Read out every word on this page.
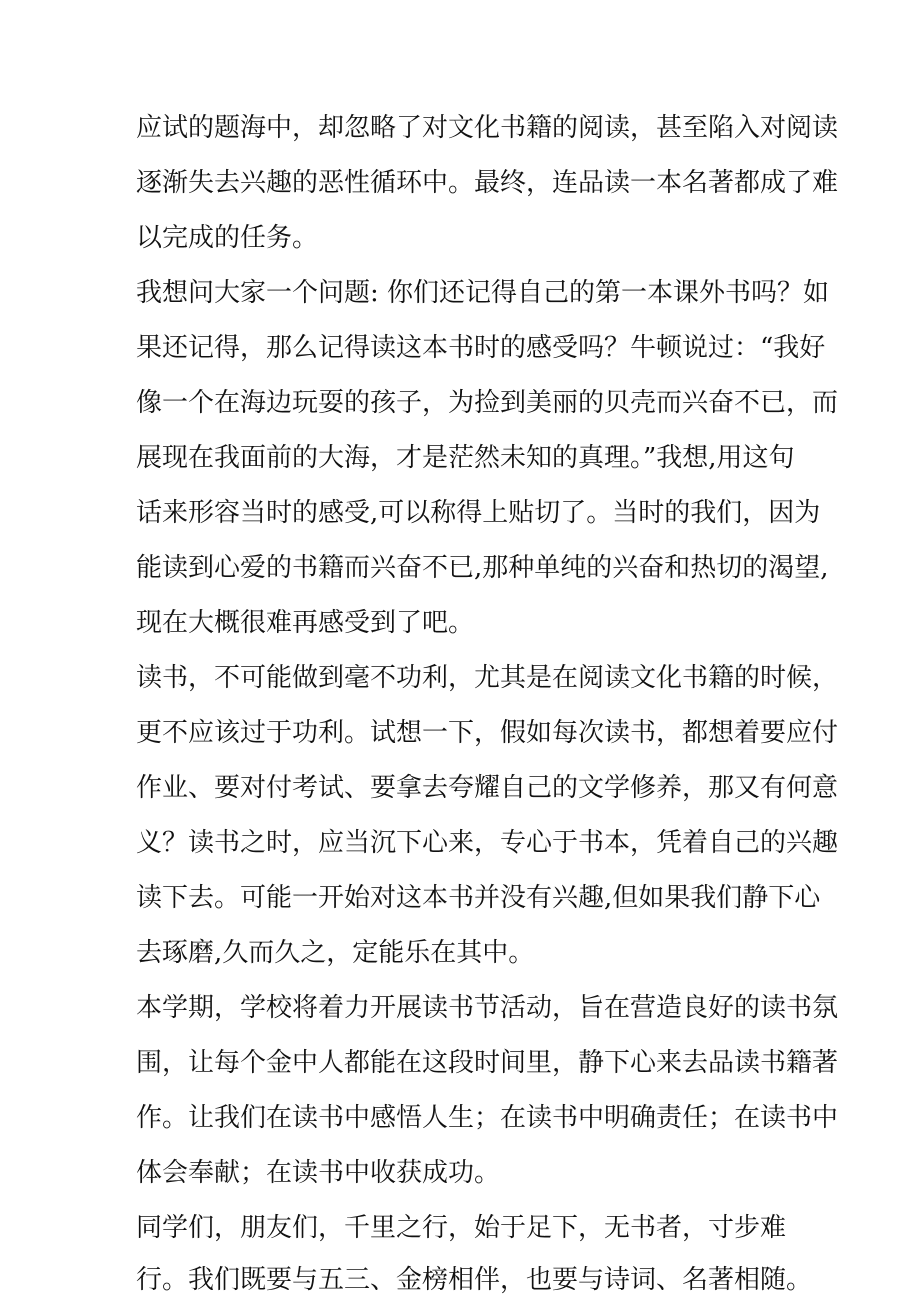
应试的题海中，却忽略了对文化书籍的阅读，甚至陷入对阅读
逐渐失去兴趣的恶性循环中。最终，连品读一本名著都成了难
以完成的任务。
我想问大家一个问题: 你们还记得自己的第一本课外书吗？如
果还记得，那么记得读这本书时的感受吗？牛顿说过：“我好
像一个在海边玩耍的孩子，为捡到美丽的贝壳而兴奋不已，而
展现在我面前的大海，才是茫然未知的真理。”我想,用这句
话来形容当时的感受,可以称得上贴切了。当时的我们，因为
能读到心爱的书籍而兴奋不已,那种单纯的兴奋和热切的渴望,
现在大概很难再感受到了吧。
读书，不可能做到毫不功利，尤其是在阅读文化书籍的时候，
更不应该过于功利。试想一下，假如每次读书，都想着要应付
作业、要对付考试、要拿去夸耀自己的文学修养，那又有何意
义？读书之时，应当沉下心来，专心于书本，凭着自己的兴趣
读下去。可能一开始对这本书并没有兴趣,但如果我们静下心
去琢磨,久而久之，定能乐在其中。
本学期，学校将着力开展读书节活动，旨在营造良好的读书氛
围，让每个金中人都能在这段时间里，静下心来去品读书籍著
作。让我们在读书中感悟人生；在读书中明确责任；在读书中
体会奉献；在读书中收获成功。
同学们，朋友们，千里之行，始于足下，无书者，寸步难
行。我们既要与五三、金榜相伴，也要与诗词、名著相随。
